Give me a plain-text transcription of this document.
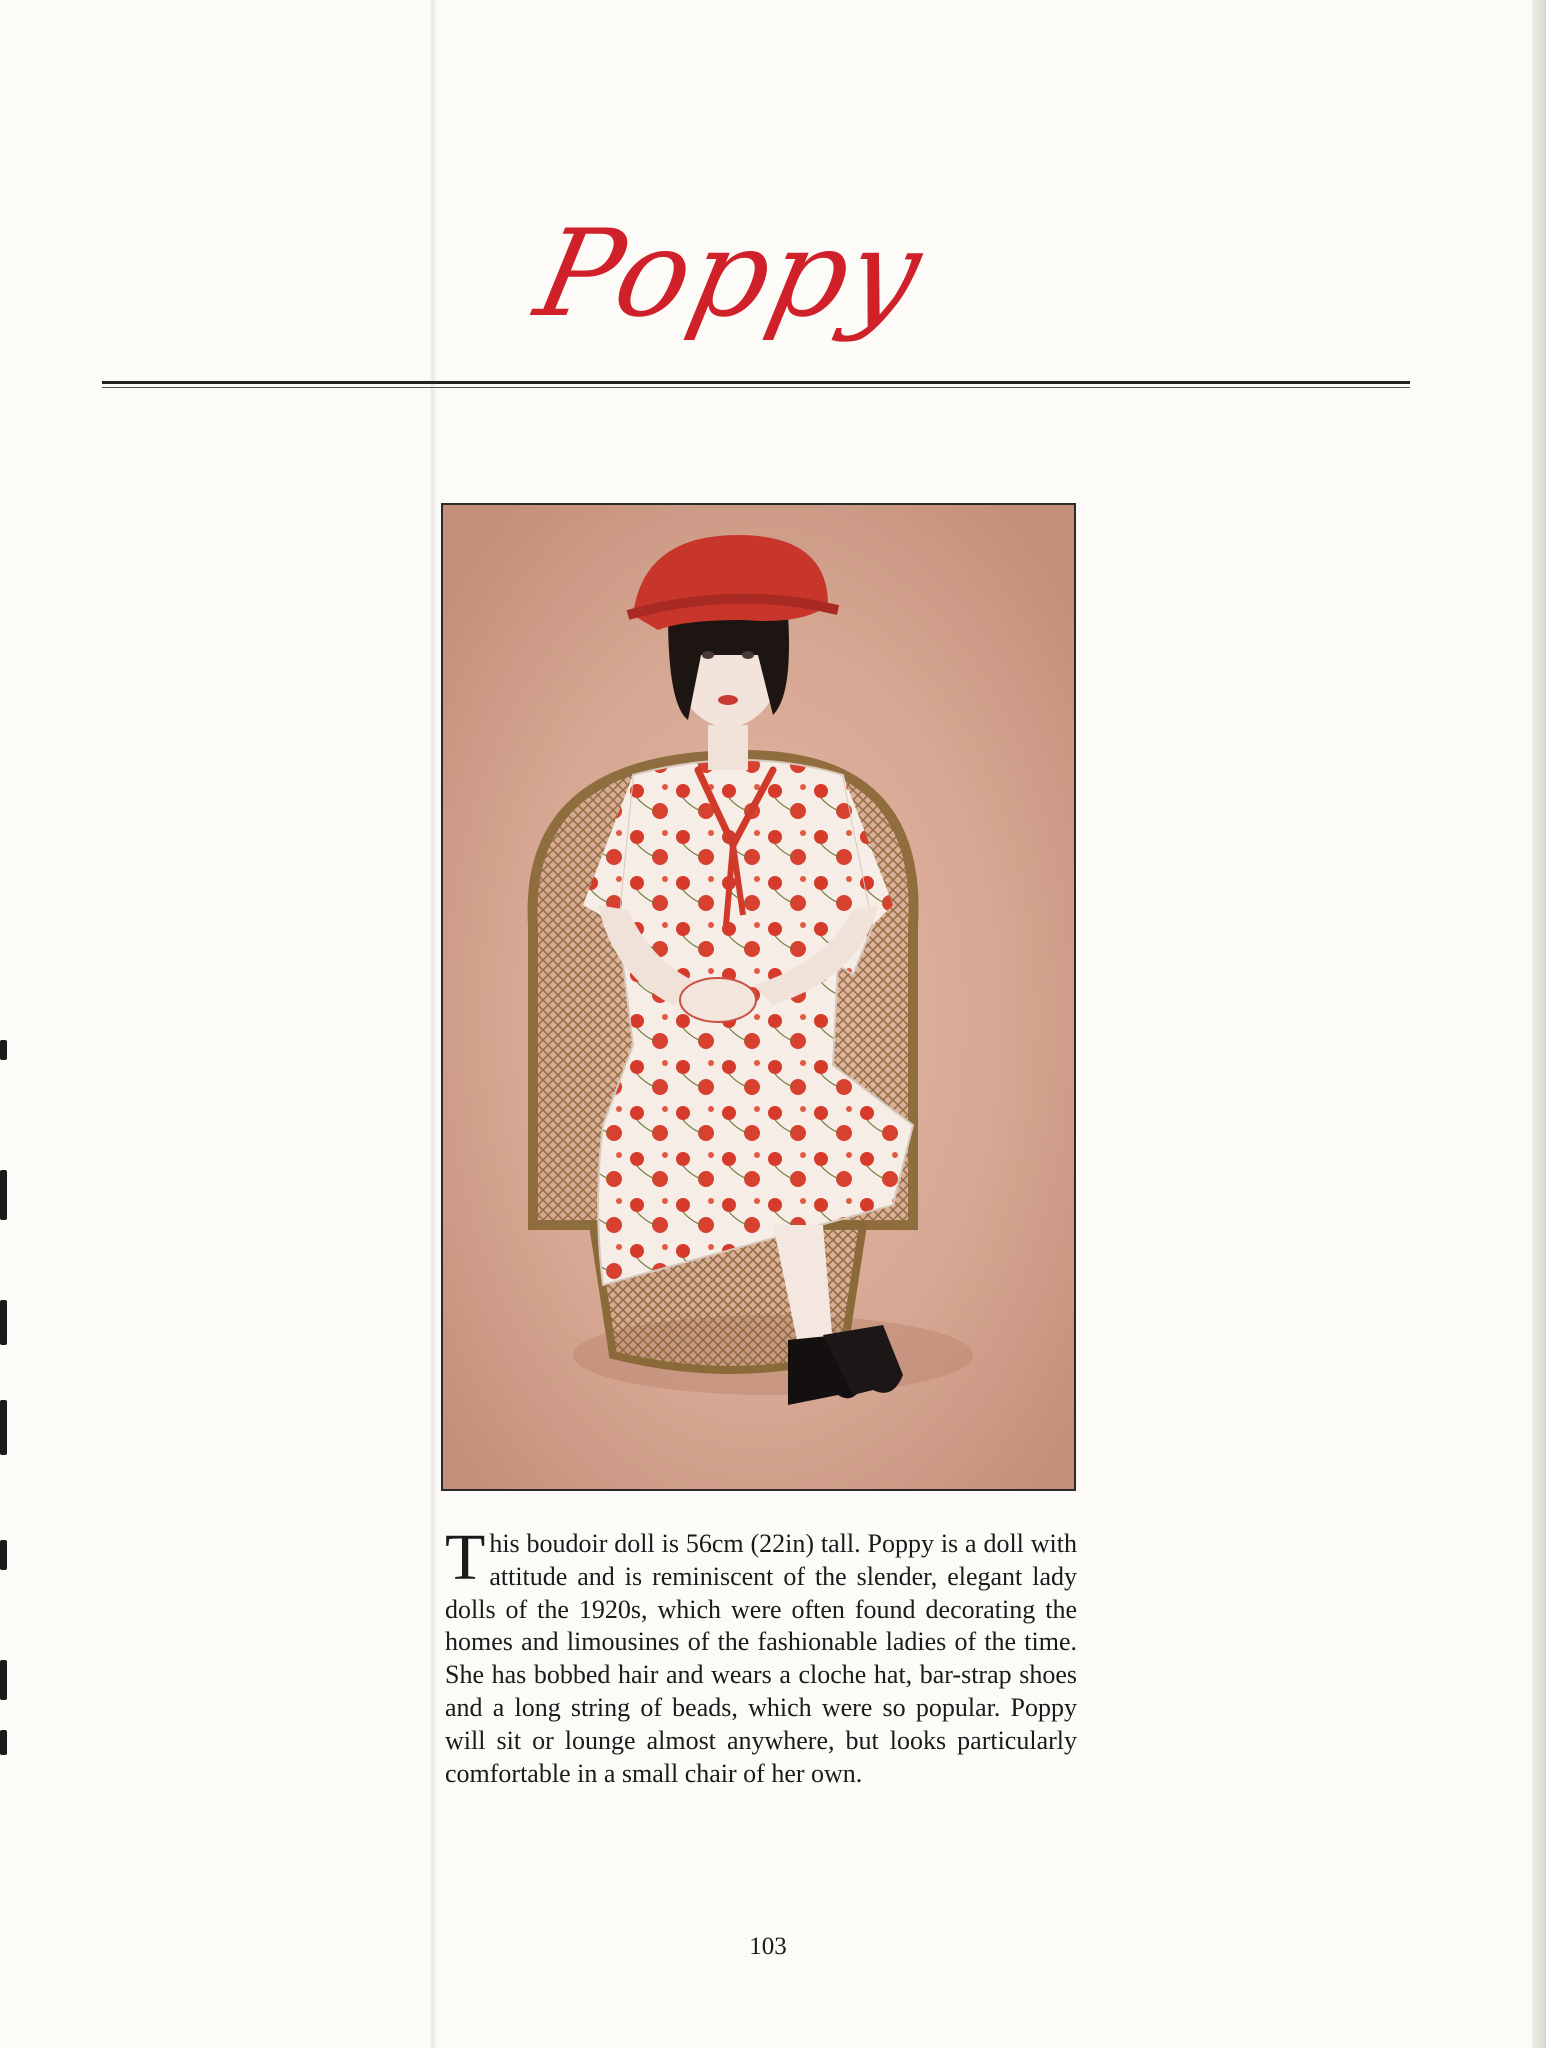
Poppy
This boudoir doll is 56cm (22in) tall. Poppy is a doll with attitude and is reminiscent of the slender, elegant lady dolls of the 1920s, which were often found decorating the homes and limousines of the fashionable ladies of the time. She has bobbed hair and wears a cloche hat, bar-strap shoes and a long string of beads, which were so popular. Poppy will sit or lounge almost anywhere, but looks particularly comfortable in a small chair of her own.
103
